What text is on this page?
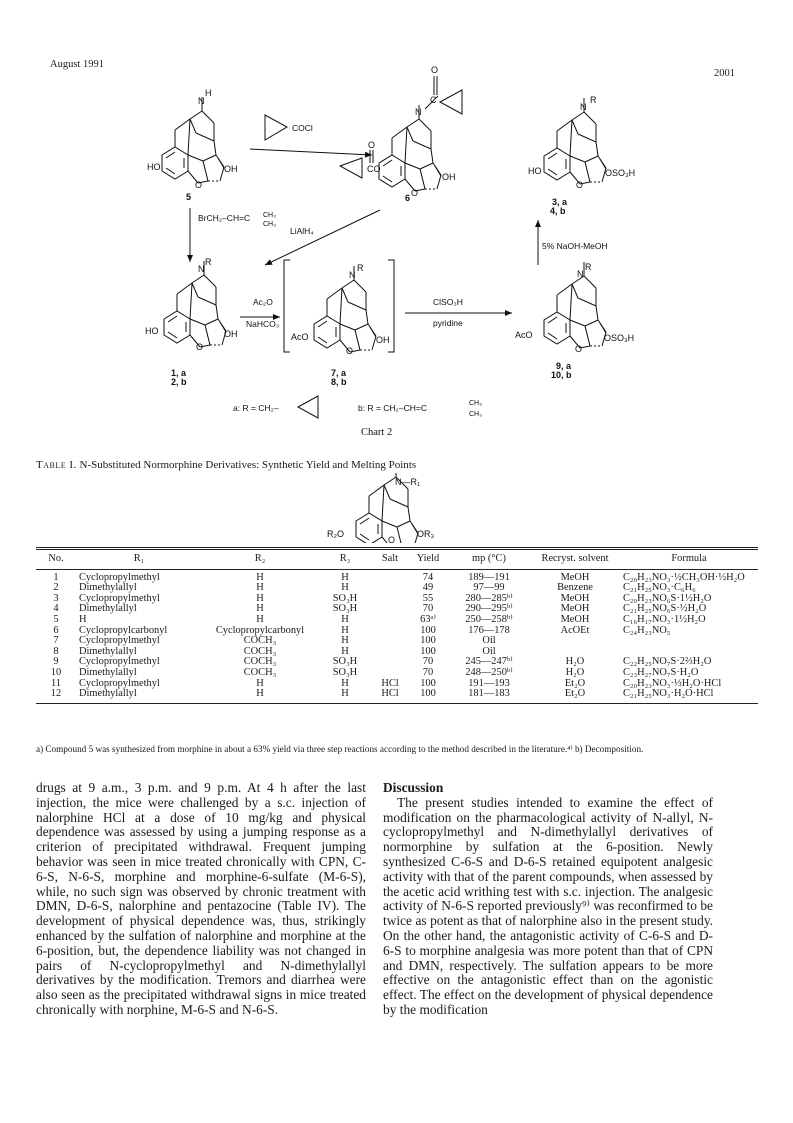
August 1991
2001
N
H
HO
O
OH
5
COCl
N
C
O
CO
O
O
OH
6
N
R
HO
O
OSO₃H
3, a
4, b
BrCH₂–CH=C CH₃
CH₃
LiAlH₄
N
R
HO
O
OH
1, a
2, b
Ac₂O
NaHCO₃
N
R
AcO
O
OH
7, a
8, b
ClSO₃H
pyridine
N
R
AcO
O
OSO₃H
9, a
10, b
5% NaOH-MeOH
a: R = CH₂–	b: R = CH₂–CH=C	CH₃
CH₃
Chart 2
Table I. N-Substituted Normorphine Derivatives: Synthetic Yield and Melting Points
N—R₁
R₂O
O
OR₃
No.	R₁	R₂	R₃	Salt	Yield	mp (°C)	Recryst. solvent	Formula
1	Cyclopropylmethyl	H	H		74	189—191	MeOH	C₂₀H₂₃NO₃·½CH₃OH·½H₂O
2	Dimethylallyl	H	H		49	97—99	Benzene	C₂₁H₂₅NO₃·C₆H₆
3	Cyclopropylmethyl	H	SO₃H		55	280—285ᵇ⁾	MeOH	C₂₀H₂₃NO₆S·1½H₂O
4	Dimethylallyl	H	SO₃H		70	290—295ᵇ⁾	MeOH	C₂₁H₂₅NO₆S·½H₂O
5	H	H	H		63ᵃ⁾	250—258ᵇ⁾	MeOH	C₁₆H₁₇NO₃·1½H₂O
6	Cyclopropylcarbonyl	Cyclopropylcarbonyl	H		100	176—178	AcOEt	C₂₄H₂₃NO₅
7	Cyclopropylmethyl	COCH₃	H		100	Oil		
8	Dimethylallyl	COCH₃	H		100	Oil		
9	Cyclopropylmethyl	COCH₃	SO₃H		70	245—247ᵇ⁾	H₂O	C₂₂H₂₅NO₇S·2⅔H₂O
10	Dimethylallyl	COCH₃	SO₃H		70	248—250ᵇ⁾	H₂O	C₂₃H₂₇NO₇S·H₂O
11	Cyclopropylmethyl	H	H	HCl	100	191—193	Et₂O	C₂₀H₂₃NO₃·⅓H₂O·HCl
12	Dimethylallyl	H	H	HCl	100	181—183	Et₂O	C₂₁H₂₅NO₃·H₂O·HCl
a) Compound 5 was synthesized from morphine in about a 63% yield via three step reactions according to the method described in the literature.⁴⁾ b) Decomposition.

drugs at 9 a.m., 3 p.m. and 9 p.m. At 4 h after the last injection, the mice were challenged by a s.c. injection of nalorphine HCl at a dose of 10 mg/kg and physical dependence was assessed by using a jumping response as a criterion of precipitated withdrawal. Frequent jumping behavior was seen in mice treated chronically with CPN, C-6-S, N-6-S, morphine and morphine-6-sulfate (M-6-S), while, no such sign was observed by chronic treatment with DMN, D-6-S, nalorphine and pentazocine (Table IV). The development of physical dependence was, thus, strikingly enhanced by the sulfation of nalorphine and morphine at the 6-position, but, the dependence liability was not changed in pairs of N-cyclopropylmethyl and N-dimethylallyl derivatives by the modification. Tremors and diarrhea were also seen as the precipitated withdrawal signs in mice treated chronically with norphine, M-6-S and N-6-S.

Discussion

The present studies intended to examine the effect of modification on the pharmacological activity of N-allyl, N-cyclopropylmethyl and N-dimethylallyl derivatives of normorphine by sulfation at the 6-position. Newly synthesized C-6-S and D-6-S retained equipotent analgesic activity with that of the parent compounds, when assessed by the acetic acid writhing test with s.c. injection. The analgesic activity of N-6-S reported previously⁹⁾ was reconfirmed to be twice as potent as that of nalorphine also in the present study. On the other hand, the antagonistic activity of C-6-S and D-6-S to morphine analgesia was more potent than that of CPN and DMN, respectively. The sulfation appears to be more effective on the antagonistic effect than on the agonistic effect. The effect on the development of physical dependence by the modification
